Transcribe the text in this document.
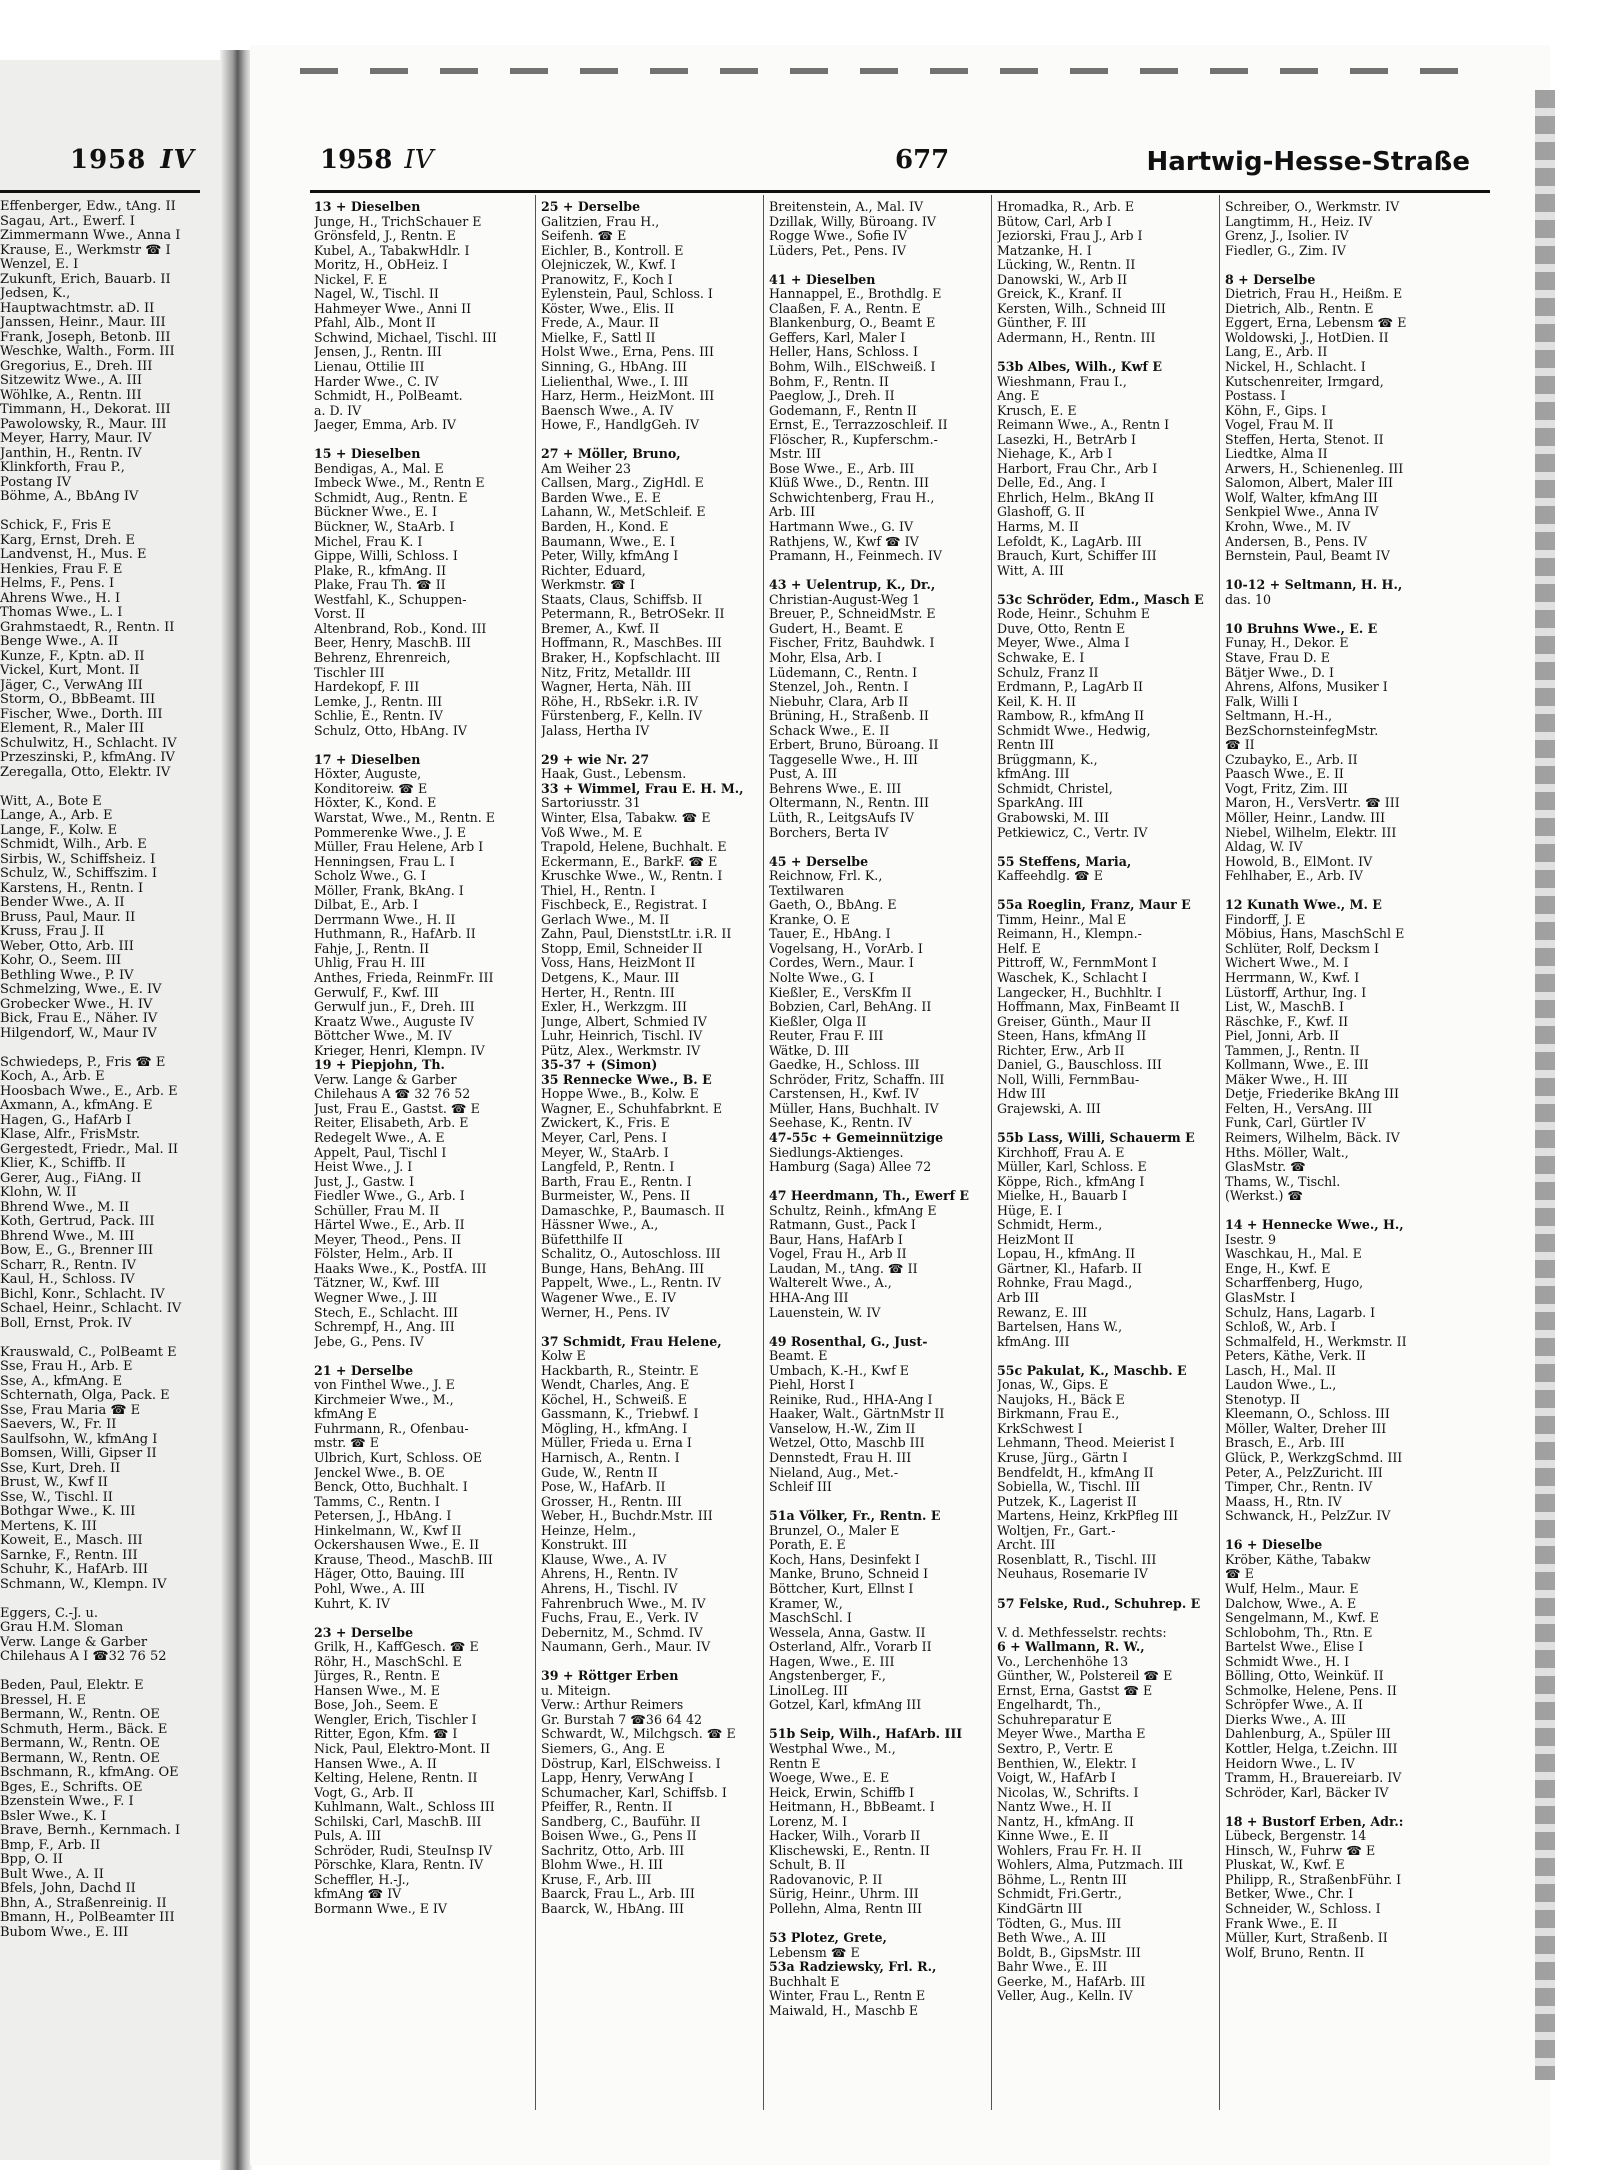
1958 IV
Effenberger, Edw., tAng. II
Sagau, Art., Ewerf. I
Zimmermann Wwe., Anna I
Krause, E., Werkmstr ☎ I
Wenzel, E. I
Zukunft, Erich, Bauarb. II
Jedsen, K.,
Hauptwachtmstr. aD. II
Janssen, Heinr., Maur. III
Frank, Joseph, Betonb. III
Weschke, Walth., Form. III
Gregorius, E., Dreh. III
Sitzewitz Wwe., A. III
Wöhlke, A., Rentn. III
Timmann, H., Dekorat. III
Pawolowsky, R., Maur. III
Meyer, Harry, Maur. IV
Janthin, H., Rentn. IV
Klinkforth, Frau P.,
Postang IV
Böhme, A., BbAng IV

Schick, F., Fris E
Karg, Ernst, Dreh. E
Landvenst, H., Mus. E
Henkies, Frau F. E
Helms, F., Pens. I
Ahrens Wwe., H. I
Thomas Wwe., L. I
Grahmstaedt, R., Rentn. II
Benge Wwe., A. II
Kunze, F., Kptn. aD. II
Vickel, Kurt, Mont. II
Jäger, C., VerwAng III
Storm, O., BbBeamt. III
Fischer, Wwe., Dorth. III
Element, R., Maler III
Schulwitz, H., Schlacht. IV
Przeszinski, P., kfmAng. IV
Zeregalla, Otto, Elektr. IV

Witt, A., Bote E
Lange, A., Arb. E
Lange, F., Kolw. E
Schmidt, Wilh., Arb. E
Sirbis, W., Schiffsheiz. I
Schulz, W., Schiffszim. I
Karstens, H., Rentn. I
Bender Wwe., A. II
Bruss, Paul, Maur. II
Kruss, Frau J. II
Weber, Otto, Arb. III
Kohr, O., Seem. III
Bethling Wwe., P. IV
Schmelzing, Wwe., E. IV
Grobecker Wwe., H. IV
Bick, Frau E., Näher. IV
Hilgendorf, W., Maur IV

Schwiedeps, P., Fris ☎ E
Koch, A., Arb. E
Hoosbach Wwe., E., Arb. E
Axmann, A., kfmAng. E
Hagen, G., HafArb I
Klase, Alfr., FrisMstr.
Gergestedt, Friedr., Mal. II
Klier, K., Schiffb. II
Gerer, Aug., FiAng. II
Klohn, W. II
Bhrend Wwe., M. II
Koth, Gertrud, Pack. III
Bhrend Wwe., M. III
Bow, E., G., Brenner III
Scharr, R., Rentn. IV
Kaul, H., Schloss. IV
Bichl, Konr., Schlacht. IV
Schael, Heinr., Schlacht. IV
Boll, Ernst, Prok. IV

Krauswald, C., PolBeamt E
Sse, Frau H., Arb. E
Sse, A., kfmAng. E
Schternath, Olga, Pack. E
Sse, Frau Maria ☎ E
Saevers, W., Fr. II
Saulfsohn, W., kfmAng I
Bomsen, Willi, Gipser II
Sse, Kurt, Dreh. II
Brust, W., Kwf II
Sse, W., Tischl. II
Bothgar Wwe., K. III
Mertens, K. III
Koweit, E., Masch. III
Sarnke, F., Rentn. III
Schuhr, K., HafArb. III
Schmann, W., Klempn. IV

Eggers, C.-J. u.
Grau H.M. Sloman
Verw. Lange & Garber
Chilehaus A I ☎32 76 52

Beden, Paul, Elektr. E
Bressel, H. E
Bermann, W., Rentn. OE
Schmuth, Herm., Bäck. E
Bermann, W., Rentn. OE
Bermann, W., Rentn. OE
Bschmann, R., kfmAng. OE
Bges, E., Schrifts. OE
Bzenstein Wwe., F. I
Bsler Wwe., K. I
Brave, Bernh., Kernmach. I
Bmp, F., Arb. II
Bpp, O. II
Bult Wwe., A. II
Bfels, John, Dachd II
Bhn, A., Straßenreinig. II
Bmann, H., PolBeamter III
Bubom Wwe., E. III
1958 IV	677	Hartwig-Hesse-Straße
13 + Dieselben
Junge, H., TrichSchauer E
Grönsfeld, J., Rentn. E
Kubel, A., TabakwHdlr. I
Moritz, H., ObHeiz. I
Nickel, F. E
Nagel, W., Tischl. II
Hahmeyer Wwe., Anni II
Pfahl, Alb., Mont II
Schwind, Michael, Tischl. III
Jensen, J., Rentn. III
Lienau, Ottilie III
Harder Wwe., C. IV
Schmidt, H., PolBeamt.
a. D. IV
Jaeger, Emma, Arb. IV

15 + Dieselben
Bendigas, A., Mal. E
Imbeck Wwe., M., Rentn E
Schmidt, Aug., Rentn. E
Bückner Wwe., E. I
Bückner, W., StaArb. I
Michel, Frau K. I
Gippe, Willi, Schloss. I
Plake, R., kfmAng. II
Plake, Frau Th. ☎ II
Westfahl, K., Schuppen-
Vorst. II
Altenbrand, Rob., Kond. III
Beer, Henry, MaschB. III
Behrenz, Ehrenreich,
Tischler III
Hardekopf, F. III
Lemke, J., Rentn. III
Schlie, E., Rentn. IV
Schulz, Otto, HbAng. IV

17 + Dieselben
Höxter, Auguste,
Konditoreiw. ☎ E
Höxter, K., Kond. E
Warstat, Wwe., M., Rentn. E
Pommerenke Wwe., J. E
Müller, Frau Helene, Arb I
Henningsen, Frau L. I
Scholz Wwe., G. I
Möller, Frank, BkAng. I
Dilbat, E., Arb. I
Derrmann Wwe., H. II
Huthmann, R., HafArb. II
Fahje, J., Rentn. II
Uhlig, Frau H. III
Anthes, Frieda, ReinmFr. III
Gerwulf, F., Kwf. III
Gerwulf jun., F., Dreh. III
Kraatz Wwe., Auguste IV
Böttcher Wwe., M. IV
Krieger, Henri, Klempn. IV
19 + Piepjohn, Th.
Verw. Lange & Garber
Chilehaus A ☎ 32 76 52
Just, Frau E., Gastst. ☎ E
Reiter, Elisabeth, Arb. E
Redegelt Wwe., A. E
Appelt, Paul, Tischl I
Heist Wwe., J. I
Just, J., Gastw. I
Fiedler Wwe., G., Arb. I
Schüller, Frau M. II
Härtel Wwe., E., Arb. II
Meyer, Theod., Pens. II
Fölster, Helm., Arb. II
Haaks Wwe., K., PostfA. III
Tätzner, W., Kwf. III
Wegner Wwe., J. III
Stech, E., Schlacht. III
Schrempf, H., Ang. III
Jebe, G., Pens. IV

21 + Derselbe
von Finthel Wwe., J. E
Kirchmeier Wwe., M.,
kfmAng E
Fuhrmann, R., Ofenbau-
mstr. ☎ E
Ulbrich, Kurt, Schloss. OE
Jenckel Wwe., B. OE
Benck, Otto, Buchhalt. I
Tamms, C., Rentn. I
Petersen, J., HbAng. I
Hinkelmann, W., Kwf II
Ockershausen Wwe., E. II
Krause, Theod., MaschB. III
Häger, Otto, Bauing. III
Pohl, Wwe., A. III
Kuhrt, K. IV

23 + Derselbe
Grilk, H., KaffGesch. ☎ E
Röhr, H., MaschSchl. E
Jürges, R., Rentn. E
Hansen Wwe., M. E
Bose, Joh., Seem. E
Wengler, Erich, Tischler I
Ritter, Egon, Kfm. ☎ I
Nick, Paul, Elektro-Mont. II
Hansen Wwe., A. II
Kelting, Helene, Rentn. II
Vogt, G., Arb. II
Kuhlmann, Walt., Schloss III
Schilski, Carl, MaschB. III
Puls, A. III
Schröder, Rudi, SteuInsp IV
Pörschke, Klara, Rentn. IV
Scheffler, H.-J.,
kfmAng ☎ IV
Bormann Wwe., E IV
25 + Derselbe
Galitzien, Frau H.,
Seifenh. ☎ E
Eichler, B., Kontroll. E
Olejniczek, W., Kwf. I
Pranowitz, F., Koch I
Eylenstein, Paul, Schloss. I
Köster, Wwe., Elis. II
Frede, A., Maur. II
Mielke, F., Sattl II
Holst Wwe., Erna, Pens. III
Sinning, G., HbAng. III
Lielienthal, Wwe., I. III
Harz, Herm., HeizMont. III
Baensch Wwe., A. IV
Howe, F., HandlgGeh. IV

27 + Möller, Bruno,
Am Weiher 23
Callsen, Marg., ZigHdl. E
Barden Wwe., E. E
Lahann, W., MetSchleif. E
Barden, H., Kond. E
Baumann, Wwe., E. I
Peter, Willy, kfmAng I
Richter, Eduard,
Werkmstr. ☎ I
Staats, Claus, Schiffsb. II
Petermann, R., BetrOSekr. II
Bremer, A., Kwf. II
Hoffmann, R., MaschBes. III
Braker, H., Kopfschlacht. III
Nitz, Fritz, Metalldr. III
Wagner, Herta, Näh. III
Röhe, H., RbSekr. i.R. IV
Fürstenberg, F., Kelln. IV
Jalass, Hertha IV

29 + wie Nr. 27
Haak, Gust., Lebensm.
33 + Wimmel, Frau E. H. M.,
Sartoriusstr. 31
Winter, Elsa, Tabakw. ☎ E
Voß Wwe., M. E
Trapold, Helene, Buchhalt. E
Eckermann, E., BarkF. ☎ E
Kruschke Wwe., W., Rentn. I
Thiel, H., Rentn. I
Fischbeck, E., Registrat. I
Gerlach Wwe., M. II
Zahn, Paul, DienststLtr. i.R. II
Stopp, Emil, Schneider II
Voss, Hans, HeizMont II
Detgens, K., Maur. III
Herter, H., Rentn. III
Exler, H., Werkzgm. III
Junge, Albert, Schmied IV
Luhr, Heinrich, Tischl. IV
Pütz, Alex., Werkmstr. IV
35-37 + (Simon)
35 Rennecke Wwe., B. E
Hoppe Wwe., B., Kolw. E
Wagner, E., Schuhfabrknt. E
Zwickert, K., Fris. E
Meyer, Carl, Pens. I
Meyer, W., StaArb. I
Langfeld, P., Rentn. I
Barth, Frau E., Rentn. I
Burmeister, W., Pens. II
Damaschke, P., Baumasch. II
Hässner Wwe., A.,
Büfetthilfe II
Schalitz, O., Autoschloss. III
Bunge, Hans, BehAng. III
Pappelt, Wwe., L., Rentn. IV
Wagener Wwe., E. IV
Werner, H., Pens. IV

37 Schmidt, Frau Helene,
Kolw E
Hackbarth, R., Steintr. E
Wendt, Charles, Ang. E
Köchel, H., Schweiß. E
Gassmann, K., Triebwf. I
Mögling, H., kfmAng. I
Müller, Frieda u. Erna I
Harnisch, A., Rentn. I
Gude, W., Rentn II
Pose, W., HafArb. II
Grosser, H., Rentn. III
Weber, H., Buchdr.Mstr. III
Heinze, Helm.,
Konstrukt. III
Klause, Wwe., A. IV
Ahrens, H., Rentn. IV
Ahrens, H., Tischl. IV
Fahrenbruch Wwe., M. IV
Fuchs, Frau, E., Verk. IV
Debernitz, M., Schmd. IV
Naumann, Gerh., Maur. IV

39 + Röttger Erben
u. Miteign.
Verw.: Arthur Reimers
Gr. Burstah 7 ☎36 64 42
Schwardt, W., Milchgsch. ☎ E
Siemers, G., Ang. E
Döstrup, Karl, ElSchweiss. I
Lapp, Henry, VerwAng I
Schumacher, Karl, Schiffsb. I
Pfeiffer, R., Rentn. II
Sandberg, C., Bauführ. II
Boisen Wwe., G., Pens II
Sachritz, Otto, Arb. III
Blohm Wwe., H. III
Kruse, F., Arb. III
Baarck, Frau L., Arb. III
Baarck, W., HbAng. III
Breitenstein, A., Mal. IV
Dzillak, Willy, Büroang. IV
Rogge Wwe., Sofie IV
Lüders, Pet., Pens. IV

41 + Dieselben
Hannappel, E., Brothdlg. E
Claaßen, F. A., Rentn. E
Blankenburg, O., Beamt E
Geffers, Karl, Maler I
Heller, Hans, Schloss. I
Bohm, Wilh., ElSchweiß. I
Bohm, F., Rentn. II
Paeglow, J., Dreh. II
Godemann, F., Rentn II
Ernst, E., Terrazzoschleif. II
Flöscher, R., Kupferschm.-
Mstr. III
Bose Wwe., E., Arb. III
Klüß Wwe., D., Rentn. III
Schwichtenberg, Frau H.,
Arb. III
Hartmann Wwe., G. IV
Rathjens, W., Kwf ☎ IV
Pramann, H., Feinmech. IV

43 + Uelentrup, K., Dr.,
Christian-August-Weg 1
Breuer, P., SchneidMstr. E
Gudert, H., Beamt. E
Fischer, Fritz, Bauhdwk. I
Mohr, Elsa, Arb. I
Lüdemann, C., Rentn. I
Stenzel, Joh., Rentn. I
Niebuhr, Clara, Arb II
Brüning, H., Straßenb. II
Schack Wwe., E. II
Erbert, Bruno, Büroang. II
Taggeselle Wwe., H. III
Pust, A. III
Behrens Wwe., E. III
Oltermann, N., Rentn. III
Lüth, R., LeitgsAufs IV
Borchers, Berta IV

45 + Derselbe
Reichnow, Frl. K.,
Textilwaren
Gaeth, O., BbAng. E
Kranke, O. E
Tauer, E., HbAng. I
Vogelsang, H., VorArb. I
Cordes, Wern., Maur. I
Nolte Wwe., G. I
Kießler, E., VersKfm II
Bobzien, Carl, BehAng. II
Kießler, Olga II
Reuter, Frau F. III
Wätke, D. III
Gaedke, H., Schloss. III
Schröder, Fritz, Schaffn. III
Carstensen, H., Kwf. IV
Müller, Hans, Buchhalt. IV
Seehase, K., Rentn. IV
47-55c + Gemeinnützige
Siedlungs-Aktienges.
Hamburg (Saga) Allee 72

47 Heerdmann, Th., Ewerf E
Schultz, Reinh., kfmAng E
Ratmann, Gust., Pack I
Baur, Hans, HafArb I
Vogel, Frau H., Arb II
Laudan, M., tAng. ☎ II
Walterelt Wwe., A.,
HHA-Ang III
Lauenstein, W. IV

49 Rosenthal, G., Just-
Beamt. E
Umbach, K.-H., Kwf E
Piehl, Horst I
Reinike, Rud., HHA-Ang I
Haaker, Walt., GärtnMstr II
Vanselow, H.-W., Zim II
Wetzel, Otto, Maschb III
Dennstedt, Frau H. III
Nieland, Aug., Met.-
Schleif III

51a Völker, Fr., Rentn. E
Brunzel, O., Maler E
Porath, E. E
Koch, Hans, Desinfekt I
Manke, Bruno, Schneid I
Böttcher, Kurt, Ellnst I
Kramer, W.,
MaschSchl. I
Wessela, Anna, Gastw. II
Osterland, Alfr., Vorarb II
Hagen, Wwe., E. III
Angstenberger, F.,
LinolLeg. III
Gotzel, Karl, kfmAng III

51b Seip, Wilh., HafArb. III
Westphal Wwe., M.,
Rentn E
Woege, Wwe., E. E
Heick, Erwin, Schiffb I
Heitmann, H., BbBeamt. I
Lorenz, M. I
Hacker, Wilh., Vorarb II
Klischewski, E., Rentn. II
Schult, B. II
Radovanovic, P. II
Sürig, Heinr., Uhrm. III
Pollehn, Alma, Rentn III

53 Plotez, Grete,
Lebensm ☎ E
53a Radziewsky, Frl. R.,
Buchhalt E
Winter, Frau L., Rentn E
Maiwald, H., Maschb E
Hromadka, R., Arb. E
Bütow, Carl, Arb I
Jeziorski, Frau J., Arb I
Matzanke, H. I
Lücking, W., Rentn. II
Danowski, W., Arb II
Greick, K., Kranf. II
Kersten, Wilh., Schneid III
Günther, F. III
Adermann, H., Rentn. III

53b Albes, Wilh., Kwf E
Wieshmann, Frau I.,
Ang. E
Krusch, E. E
Reimann Wwe., A., Rentn I
Lasezki, H., BetrArb I
Niehage, K., Arb I
Harbort, Frau Chr., Arb I
Delle, Ed., Ang. I
Ehrlich, Helm., BkAng II
Glashoff, G. II
Harms, M. II
Lefoldt, K., LagArb. III
Brauch, Kurt, Schiffer III
Witt, A. III

53c Schröder, Edm., Masch E
Rode, Heinr., Schuhm E
Duve, Otto, Rentn E
Meyer, Wwe., Alma I
Schwake, E. I
Schulz, Franz II
Erdmann, P., LagArb II
Keil, K. H. II
Rambow, R., kfmAng II
Schmidt Wwe., Hedwig,
Rentn III
Brüggmann, K.,
kfmAng. III
Schmidt, Christel,
SparkAng. III
Grabowski, M. III
Petkiewicz, C., Vertr. IV

55 Steffens, Maria,
Kaffeehdlg. ☎ E

55a Roeglin, Franz, Maur E
Timm, Heinr., Mal E
Reimann, H., Klempn.-
Helf. E
Pittroff, W., FernmMont I
Waschek, K., Schlacht I
Langecker, H., Buchhltr. I
Hoffmann, Max, FinBeamt II
Greiser, Günth., Maur II
Steen, Hans, kfmAng II
Richter, Erw., Arb II
Daniel, G., Bauschloss. III
Noll, Willi, FernmBau-
Hdw III
Grajewski, A. III

55b Lass, Willi, Schauerm E
Kirchhoff, Frau A. E
Müller, Karl, Schloss. E
Köppe, Rich., kfmAng I
Mielke, H., Bauarb I
Hüge, E. I
Schmidt, Herm.,
HeizMont II
Lopau, H., kfmAng. II
Gärtner, Kl., Hafarb. II
Rohnke, Frau Magd.,
Arb III
Rewanz, E. III
Bartelsen, Hans W.,
kfmAng. III

55c Pakulat, K., Maschb. E
Jonas, W., Gips. E
Naujoks, H., Bäck E
Birkmann, Frau E.,
KrkSchwest I
Lehmann, Theod. Meierist I
Kruse, Jürg., Gärtn I
Bendfeldt, H., kfmAng II
Sobiella, W., Tischl. III
Putzek, K., Lagerist II
Martens, Heinz, KrkPfleg III
Woltjen, Fr., Gart.-
Archt. III
Rosenblatt, R., Tischl. III
Neuhaus, Rosemarie IV

57 Felske, Rud., Schuhrep. E

V. d. Methfesselstr. rechts:
6 + Wallmann, R. W.,
Vo., Lerchenhöhe 13
Günther, W., Polstereil ☎ E
Ernst, Erna, Gastst ☎ E
Engelhardt, Th.,
Schuhreparatur E
Meyer Wwe., Martha E
Sextro, P., Vertr. E
Benthien, W., Elektr. I
Voigt, W., HafArb I
Nicolas, W., Schrifts. I
Nantz Wwe., H. II
Nantz, H., kfmAng. II
Kinne Wwe., E. II
Wohlers, Frau Fr. H. II
Wohlers, Alma, Putzmach. III
Böhme, L., Rentn III
Schmidt, Fri.Gertr.,
KindGärtn III
Tödten, G., Mus. III
Beth Wwe., A. III
Boldt, B., GipsMstr. III
Bahr Wwe., E. III
Geerke, M., HafArb. III
Veller, Aug., Kelln. IV
Schreiber, O., Werkmstr. IV
Langtimm, H., Heiz. IV
Grenz, J., Isolier. IV
Fiedler, G., Zim. IV

8 + Derselbe
Dietrich, Frau H., Heißm. E
Dietrich, Alb., Rentn. E
Eggert, Erna, Lebensm ☎ E
Woldowski, J., HotDien. II
Lang, E., Arb. II
Nickel, H., Schlacht. I
Kutschenreiter, Irmgard,
Postass. I
Köhn, F., Gips. I
Vogel, Frau M. II
Steffen, Herta, Stenot. II
Liedtke, Alma II
Arwers, H., Schienenleg. III
Salomon, Albert, Maler III
Wolf, Walter, kfmAng III
Senkpiel Wwe., Anna IV
Krohn, Wwe., M. IV
Andersen, B., Pens. IV
Bernstein, Paul, Beamt IV

10-12 + Seltmann, H. H.,
das. 10

10 Bruhns Wwe., E. E
Funay, H., Dekor. E
Stave, Frau D. E
Bätjer Wwe., D. I
Ahrens, Alfons, Musiker I
Falk, Willi I
Seltmann, H.-H.,
BezSchornsteinfegMstr.
☎ II
Czubayko, E., Arb. II
Paasch Wwe., E. II
Vogt, Fritz, Zim. III
Maron, H., VersVertr. ☎ III
Möller, Heinr., Landw. III
Niebel, Wilhelm, Elektr. III
Aldag, W. IV
Howold, B., ElMont. IV
Fehlhaber, E., Arb. IV

12 Kunath Wwe., M. E
Findorff, J. E
Möbius, Hans, MaschSchl E
Schlüter, Rolf, Decksm I
Wichert Wwe., M. I
Herrmann, W., Kwf. I
Lüstorff, Arthur, Ing. I
List, W., MaschB. I
Räschke, F., Kwf. II
Piel, Jonni, Arb. II
Tammen, J., Rentn. II
Kollmann, Wwe., E. III
Mäker Wwe., H. III
Detje, Friederike BkAng III
Felten, H., VersAng. III
Funk, Carl, Gürtler IV
Reimers, Wilhelm, Bäck. IV
Hths. Möller, Walt.,
GlasMstr. ☎
Thams, W., Tischl.
(Werkst.) ☎

14 + Hennecke Wwe., H.,
Isestr. 9
Waschkau, H., Mal. E
Enge, H., Kwf. E
Scharffenberg, Hugo,
GlasMstr. I
Schulz, Hans, Lagarb. I
Schloß, W., Arb. I
Schmalfeld, H., Werkmstr. II
Peters, Käthe, Verk. II
Lasch, H., Mal. II
Laudon Wwe., L.,
Stenotyp. II
Kleemann, O., Schloss. III
Möller, Walter, Dreher III
Brasch, E., Arb. III
Glück, P., WerkzgSchmd. III
Peter, A., PelzZuricht. III
Timper, Chr., Rentn. IV
Maass, H., Rtn. IV
Schwanck, H., PelzZur. IV

16 + Dieselbe
Kröber, Käthe, Tabakw
☎ E
Wulf, Helm., Maur. E
Dalchow, Wwe., A. E
Sengelmann, M., Kwf. E
Schlobohm, Th., Rtn. E
Bartelst Wwe., Elise I
Schmidt Wwe., H. I
Bölling, Otto, Weinküf. II
Schmolke, Helene, Pens. II
Schröpfer Wwe., A. II
Dierks Wwe., A. III
Dahlenburg, A., Spüler III
Kottler, Helga, t.Zeichn. III
Heidorn Wwe., L. IV
Tramm, H., Brauereiarb. IV
Schröder, Karl, Bäcker IV

18 + Bustorf Erben, Adr.:
Lübeck, Bergenstr. 14
Hinsch, W., Fuhrw ☎ E
Pluskat, W., Kwf. E
Philipp, R., StraßenbFühr. I
Betker, Wwe., Chr. I
Schneider, W., Schloss. I
Frank Wwe., E. II
Müller, Kurt, Straßenb. II
Wolf, Bruno, Rentn. II
